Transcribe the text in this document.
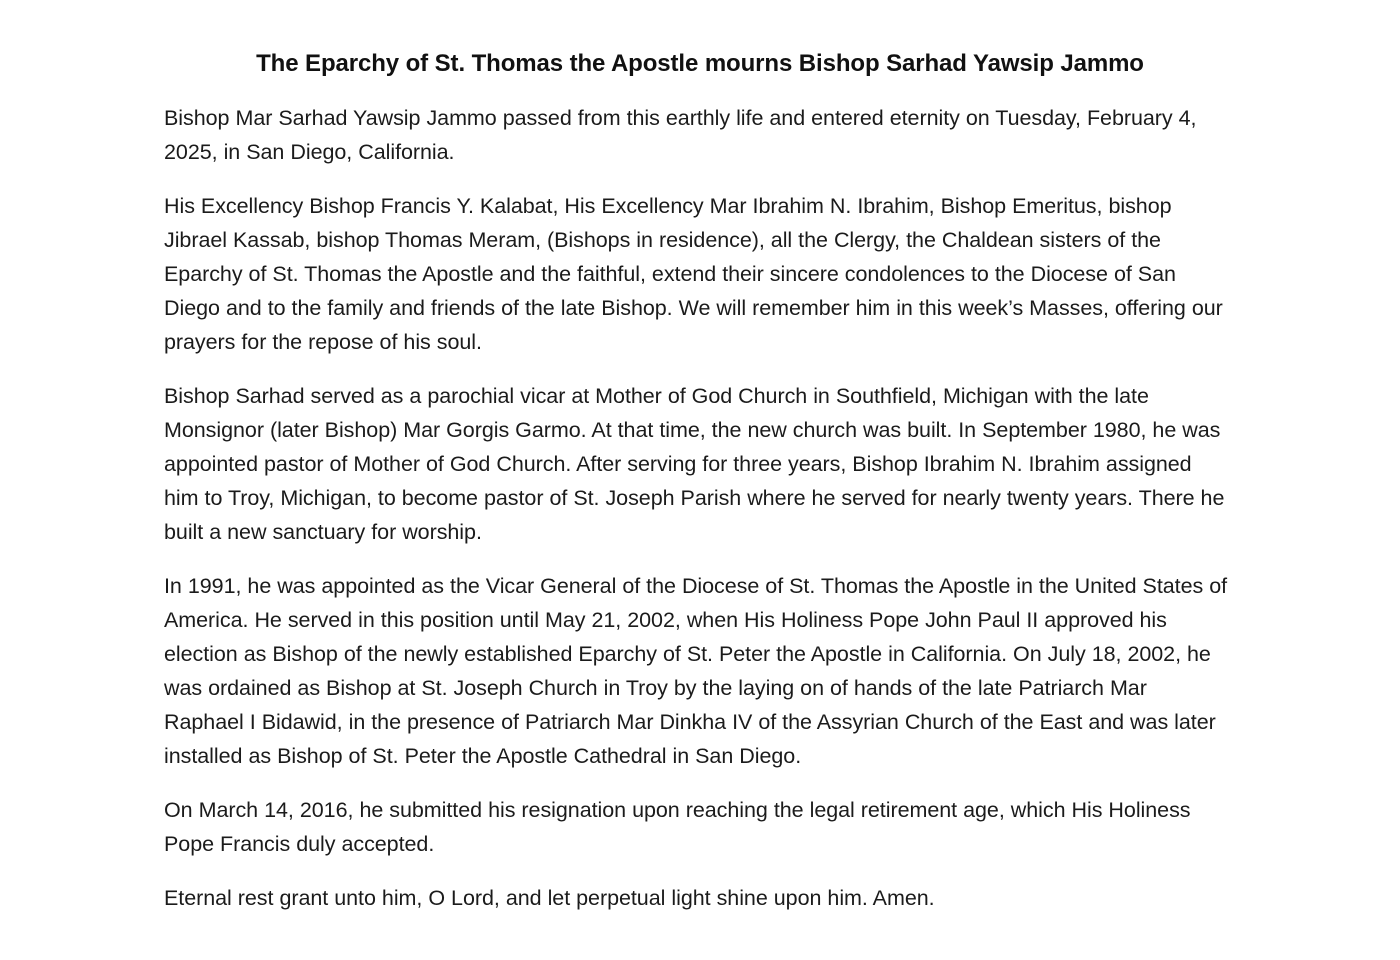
The Eparchy of St. Thomas the Apostle mourns Bishop Sarhad Yawsip Jammo

Bishop Mar Sarhad Yawsip Jammo passed from this earthly life and entered eternity on Tuesday, February 4, 2025, in San Diego, California.

His Excellency Bishop Francis Y. Kalabat, His Excellency Mar Ibrahim N. Ibrahim, Bishop Emeritus, bishop Jibrael Kassab, bishop Thomas Meram, (Bishops in residence), all the Clergy, the Chaldean sisters of the Eparchy of St. Thomas the Apostle and the faithful, extend their sincere condolences to the Diocese of San Diego and to the family and friends of the late Bishop. We will remember him in this week’s Masses, offering our prayers for the repose of his soul.

Bishop Sarhad served as a parochial vicar at Mother of God Church in Southfield, Michigan with the late Monsignor (later Bishop) Mar Gorgis Garmo. At that time, the new church was built. In September 1980, he was appointed pastor of Mother of God Church. After serving for three years, Bishop Ibrahim N. Ibrahim assigned him to Troy, Michigan, to become pastor of St. Joseph Parish where he served for nearly twenty years. There he built a new sanctuary for worship.

In 1991, he was appointed as the Vicar General of the Diocese of St. Thomas the Apostle in the United States of America. He served in this position until May 21, 2002, when His Holiness Pope John Paul II approved his election as Bishop of the newly established Eparchy of St. Peter the Apostle in California. On July 18, 2002, he was ordained as Bishop at St. Joseph Church in Troy by the laying on of hands of the late Patriarch Mar Raphael I Bidawid, in the presence of Patriarch Mar Dinkha IV of the Assyrian Church of the East and was later installed as Bishop of St. Peter the Apostle Cathedral in San Diego.

On March 14, 2016, he submitted his resignation upon reaching the legal retirement age, which His Holiness Pope Francis duly accepted.

Eternal rest grant unto him, O Lord, and let perpetual light shine upon him. Amen.
